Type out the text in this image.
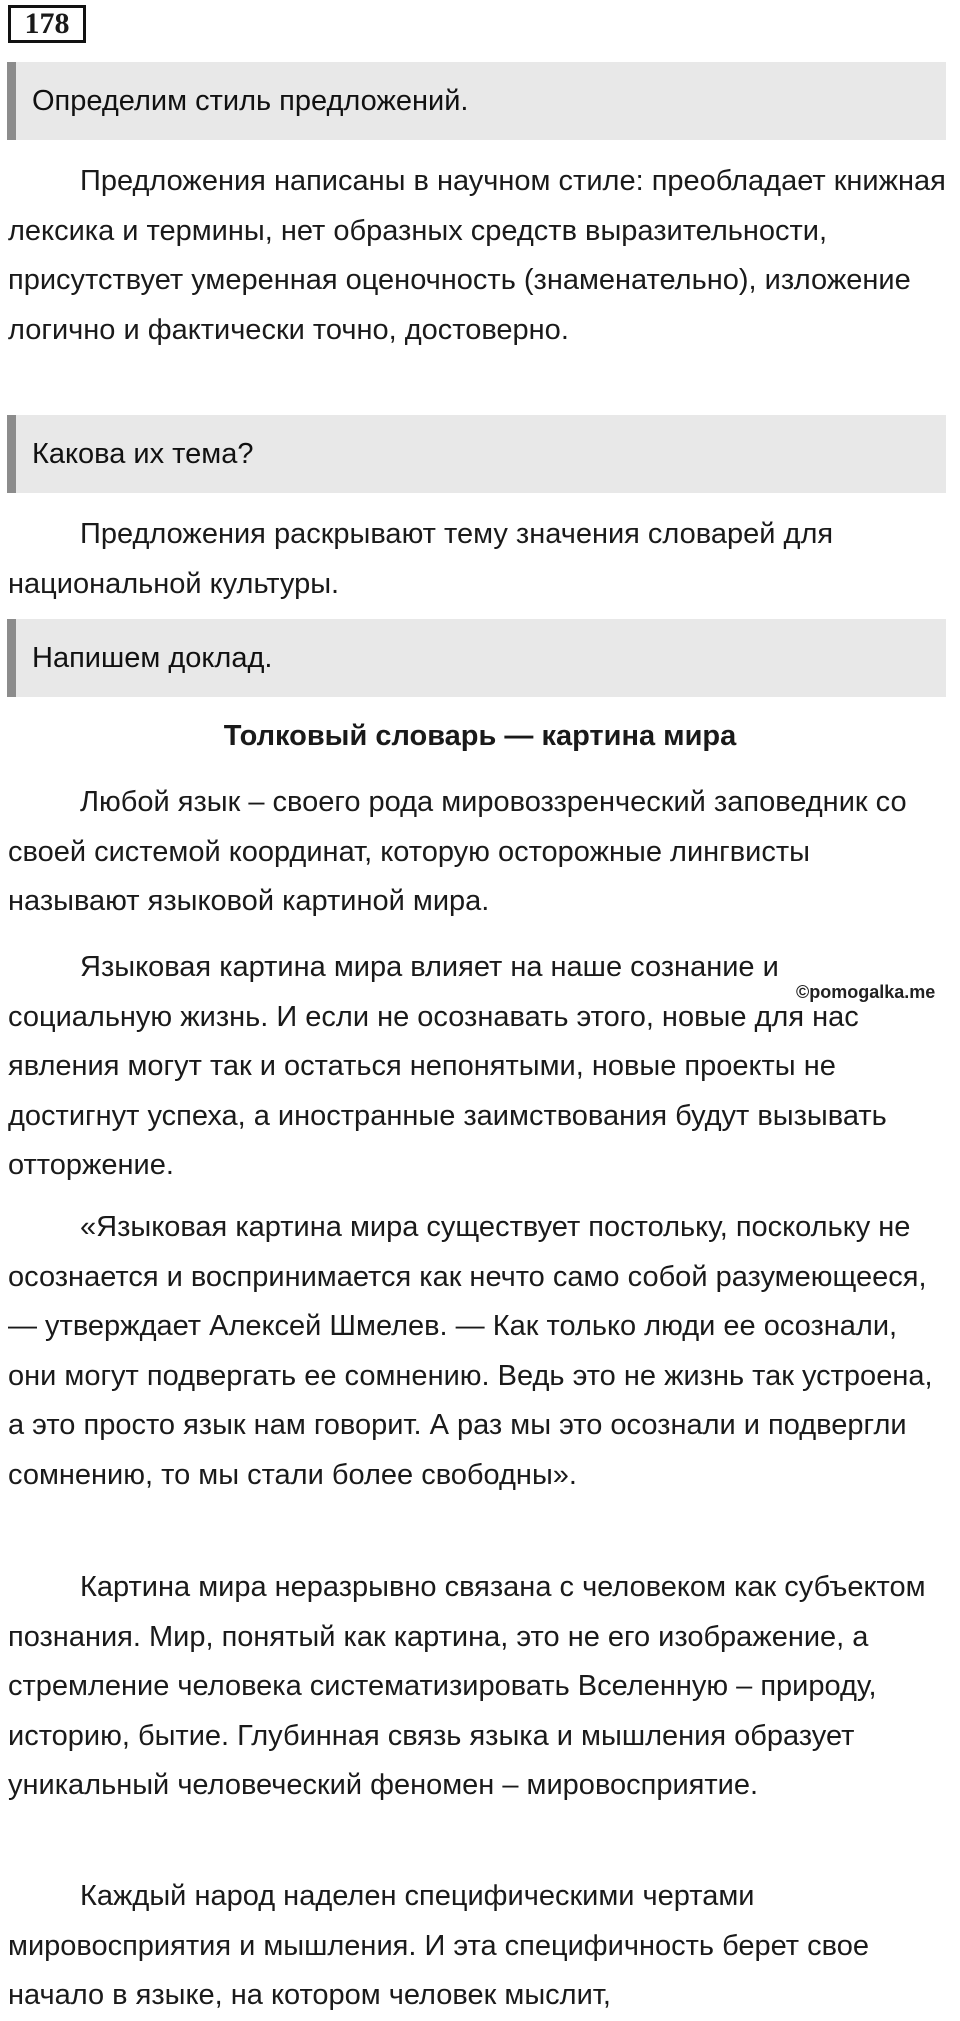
178
Определим стиль предложений.

Предложения написаны в научном стиле: преобладает книжная лексика и термины, нет образных средств выразительности, присутствует умеренная оценочность (знаменательно), изложение логично и фактически точно, достоверно.

Какова их тема?

Предложения раскрывают тему значения словарей для национальной культуры.

Напишем доклад.
Толковый словарь — картина мира

Любой язык – своего рода мировоззренческий заповедник со своей системой координат, которую осторожные лингвисты называют языковой картиной мира.

Языковая картина мира влияет на наше сознание и социальную жизнь. И если не осознавать этого, новые для нас явления могут так и остаться непонятыми, новые проекты не достигнут успеха, а иностранные заимствования будут вызывать отторжение.

«Языковая картина мира существует постольку, поскольку не осознается и воспринимается как нечто само собой разумеющееся, — утверждает Алексей Шмелев. — Как только люди ее осознали, они могут подвергать ее сомнению. Ведь это не жизнь так устроена, а это просто язык нам говорит. А раз мы это осознали и подвергли сомнению, то мы стали более свободны».

Картина мира неразрывно связана с человеком как субъектом познания. Мир, понятый как картина, это не его изображение, а стремление человека систематизировать Вселенную – природу, историю, бытие. Глубинная связь языка и мышления образует уникальный человеческий феномен – мировосприятие.

Каждый народ наделен специфическими чертами мировосприятия и мышления. И эта специфичность берет свое начало в языке, на котором человек мыслит,

©pomogalka.me
